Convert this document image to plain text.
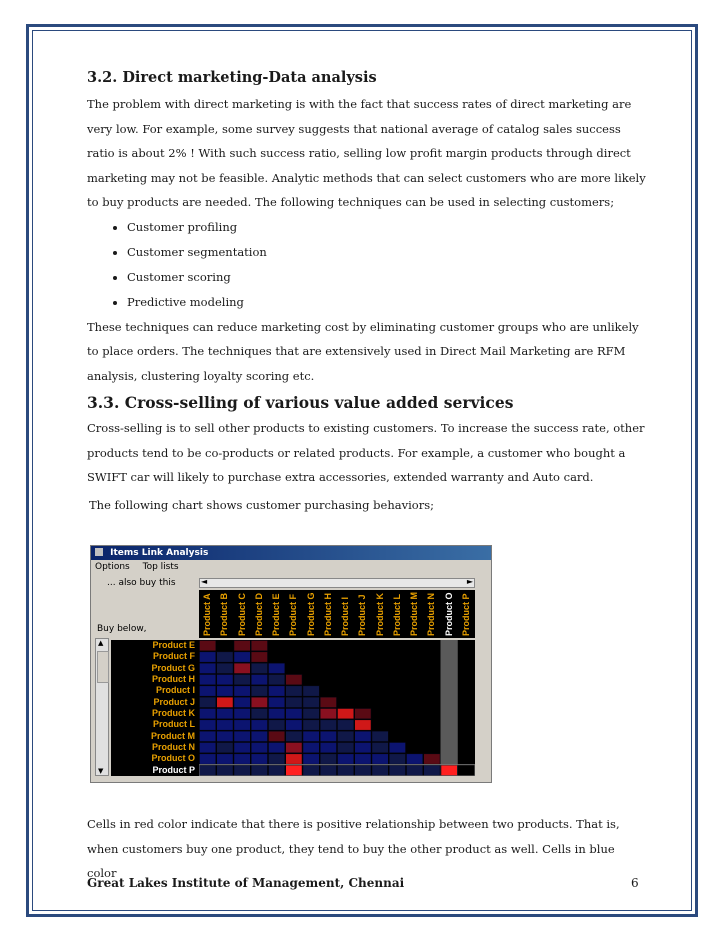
3.2. Direct marketing-Data analysis

The problem with direct marketing is with the fact that success rates of direct marketing are very low. For example, some survey suggests that national average of catalog sales success ratio is about 2% ! With such success ratio, selling low profit margin products through direct marketing may not be feasible. Analytic methods that can select customers who are more likely to buy products are needed. The following techniques can be used in selecting customers;

• Customer profiling
• Customer segmentation
• Customer scoring
• Predictive modeling

These techniques can reduce marketing cost by eliminating customer groups who are unlikely to place orders. The techniques that are extensively used in Direct Mail Marketing are RFM analysis, clustering loyalty scoring etc.

3.3. Cross-selling of various value added services

Cross-selling is to sell other products to existing customers. To increase the success rate, other products tend to be co-products or related products. For example, a customer who bought a SWIFT car will likely to purchase extra accessories, extended warranty and Auto card.

The following chart shows customer purchasing behaviors;

Items Link Analysis
Options Top lists
... also buy this	◄	►
Buy below,
▲
▼
Product E
Product F
Product G
Product H
Product I
Product J
Product K
Product L
Product M
Product N
Product O
Product P
Cells in red color indicate that there is positive relationship between two products. That is, when customers buy one product, they tend to buy the other product as well. Cells in blue color
Great Lakes Institute of Management, Chennai	6
